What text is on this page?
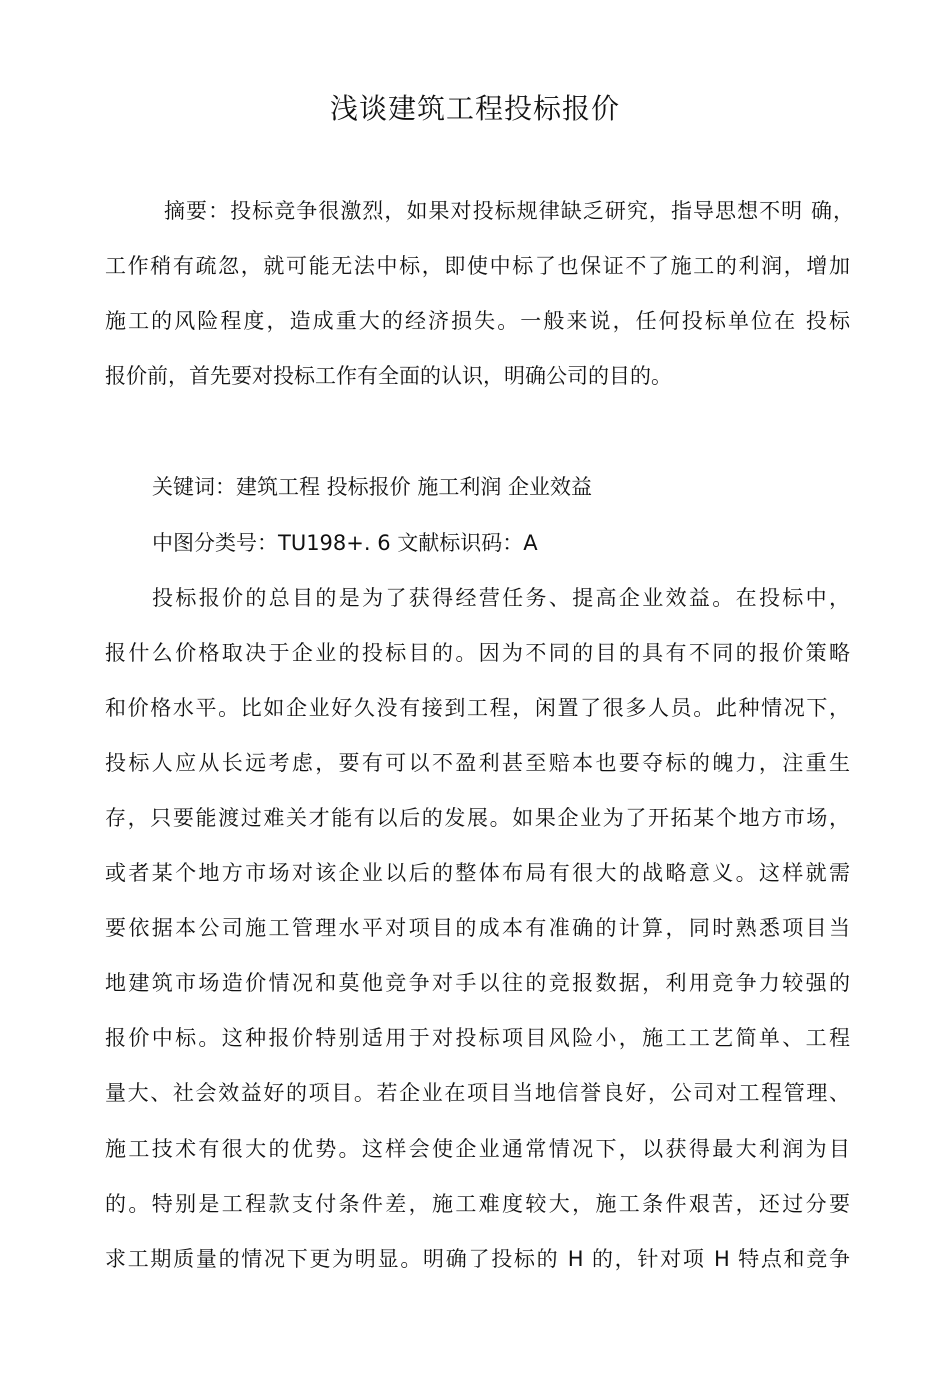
浅谈建筑工程投标报价
摘要：投标竞争很激烈，如果对投标规律缺乏研究，指导思想不明 确，
工作稍有疏忽，就可能无法中标，即使中标了也保证不了施工的利润，增加
施工的风险程度，造成重大的经济损失。一般来说，任何投标单位在 投标
报价前，首先要对投标工作有全面的认识，明确公司的目的。
关键词：建筑工程 投标报价 施工利润 企业效益
中图分类号：TU198+. 6 文献标识码：A
投标报价的总目的是为了获得经营任务、提高企业效益。在投标中，
报什么价格取决于企业的投标目的。因为不同的目的具有不同的报价策略
和价格水平。比如企业好久没有接到工程，闲置了很多人员。此种情况下，
投标人应从长远考虑，要有可以不盈利甚至赔本也要夺标的魄力，注重生
存，只要能渡过难关才能有以后的发展。如果企业为了开拓某个地方市场，
或者某个地方市场对该企业以后的整体布局有很大的战略意义。这样就需
要依据本公司施工管理水平对项目的成本有准确的计算，同时熟悉项目当
地建筑市场造价情况和莫他竞争对手以往的竞报数据，利用竞争力较强的
报价中标。这种报价特别适用于对投标项目风险小，施工工艺简单、工程
量大、社会效益好的项目。若企业在项目当地信誉良好，公司对工程管理、
施工技术有很大的优势。这样会使企业通常情况下，以获得最大利润为目
的。特别是工程款支付条件差，施工难度较大，施工条件艰苦，还过分要
求工期质量的情况下更为明显。明确了投标的 H 的，针对项 H 特点和竞争
